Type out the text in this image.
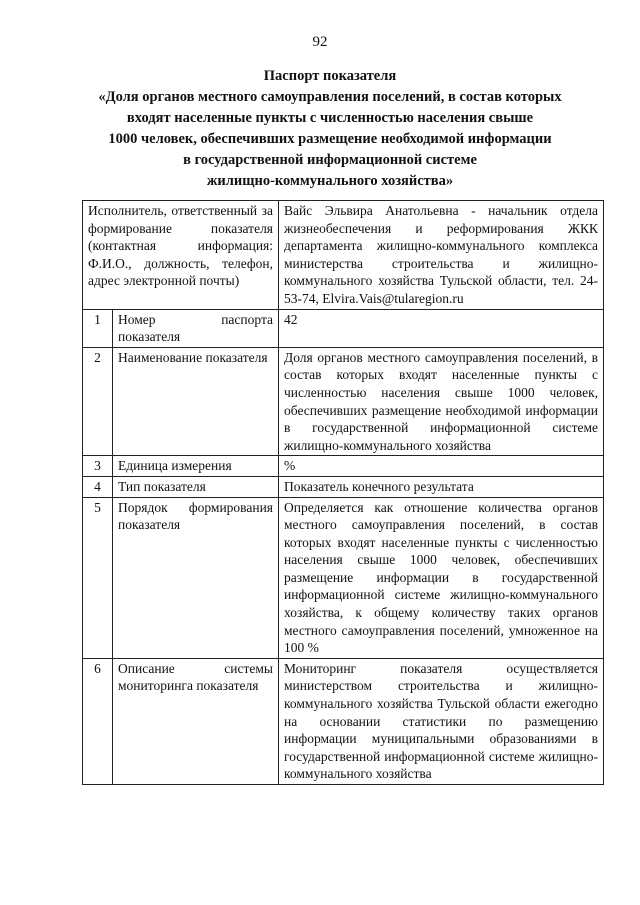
92
Паспорт показателя
«Доля органов местного самоуправления поселений, в состав которых
входят населенные пункты с численностью населения свыше
1000 человек, обеспечивших размещение необходимой информации
в государственной информационной системе
жилищно-коммунального хозяйства»
Исполнитель, ответственный за формирование показателя (контактная информация: Ф.И.О., должность, телефон, адрес электронной почты)		Вайс Эльвира Анатольевна - начальник отдела жизнеобеспечения и реформирования ЖКК департамента жилищно-коммунального комплекса министерства строительства и жилищно-коммунального хозяйства Тульской области, тел. 24-53-74, Elvira.Vais@tularegion.ru
1	Номер паспорта показателя	42
2	Наименование показателя	Доля органов местного самоуправления поселений, в состав которых входят населенные пункты с численностью населения свыше 1000 человек, обеспечивших размещение необходимой информации в государственной информационной системе жилищно-коммунального хозяйства
3	Единица измерения	%
4	Тип показателя	Показатель конечного результата
5	Порядок формирования показателя	Определяется как отношение количества органов местного самоуправления поселений, в состав которых входят населенные пункты с численностью населения свыше 1000 человек, обеспечивших размещение информации в государственной информационной системе жилищно-коммунального хозяйства, к общему количеству таких органов местного самоуправления поселений, умноженное на 100 %
6	Описание системы мониторинга показателя	Мониторинг показателя осуществляется министерством строительства и жилищно-коммунального хозяйства Тульской области ежегодно на основании статистики по размещению информации муниципальными образованиями в государственной информационной системе жилищно-коммунального хозяйства
